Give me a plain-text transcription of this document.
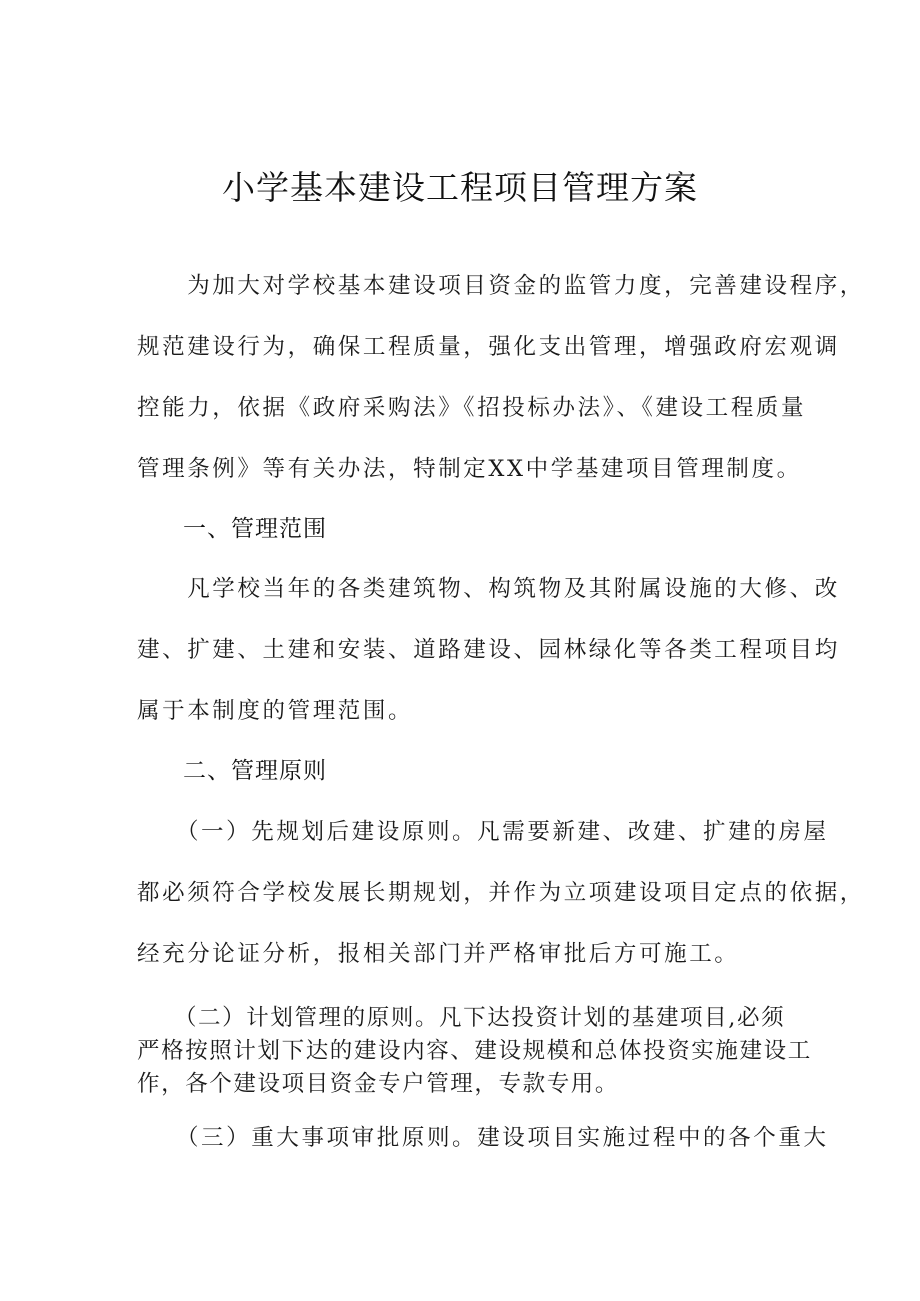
小学基本建设工程项目管理方案
　　为加大对学校基本建设项目资金的监管力度，完善建设程序，
规范建设行为，确保工程质量，强化支出管理，增强政府宏观调
控能力，依据《政府采购法》《招投标办法》、《建设工程质量
管理条例》等有关办法，特制定XX中学基建项目管理制度。
一、管理范围
　　凡学校当年的各类建筑物、构筑物及其附属设施的大修、改
建、扩建、土建和安装、道路建设、园林绿化等各类工程项目均
属于本制度的管理范围。
二、管理原则
　　（一）先规划后建设原则。凡需要新建、改建、扩建的房屋
都必须符合学校发展长期规划，并作为立项建设项目定点的依据，
经充分论证分析，报相关部门并严格审批后方可施工。
　　（二）计划管理的原则。凡下达投资计划的基建项目,必须
严格按照计划下达的建设内容、建设规模和总体投资实施建设工
作，各个建设项目资金专户管理，专款专用。
　　（三）重大事项审批原则。建设项目实施过程中的各个重大
